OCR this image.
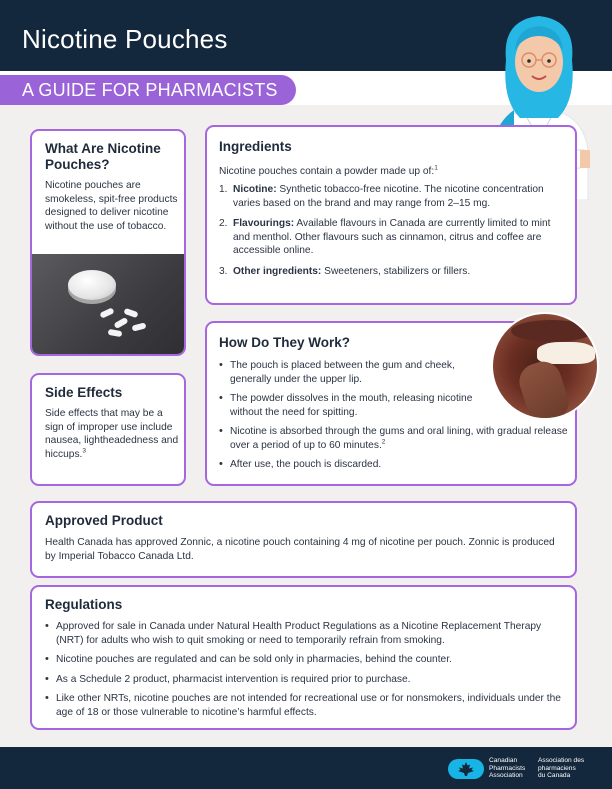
Nicotine Pouches
A GUIDE FOR PHARMACISTS
What Are Nicotine Pouches?

Nicotine pouches are smokeless, spit-free products designed to deliver nicotine without the use of tobacco.

Ingredients

Nicotine pouches contain a powder made up of:$^1$

1. Nicotine: Synthetic tobacco-free nicotine. The nicotine concentration varies based on the brand and may range from 2–15 mg.
2. Flavourings: Available flavours in Canada are currently limited to mint and menthol. Other flavours such as cinnamon, citrus and coffee are accessible online.
3. Other ingredients: Sweeteners, stabilizers or fillers.
How Do They Work?
• The pouch is placed between the gum and cheek, generally under the upper lip.
• The powder dissolves in the mouth, releasing nicotine without the need for spitting.
• Nicotine is absorbed through the gums and oral lining, with gradual release over a period of up to 60 minutes.$^2$
• After use, the pouch is discarded.
Side Effects

Side effects that may be a sign of improper use include nausea, lightheadedness and hiccups.$^3$

Approved Product

Health Canada has approved Zonnic, a nicotine pouch containing 4 mg of nicotine per pouch. Zonnic is produced by Imperial Tobacco Canada Ltd.

Regulations
• Approved for sale in Canada under Natural Health Product Regulations as a Nicotine Replacement Therapy (NRT) for adults who wish to quit smoking or need to temporarily refrain from smoking.
• Nicotine pouches are regulated and can be sold only in pharmacies, behind the counter.
• As a Schedule 2 product, pharmacist intervention is required prior to purchase.
• Like other NRTs, nicotine pouches are not intended for recreational use or for nonsmokers, individuals under the age of 18 or those vulnerable to nicotine’s harmful effects.
Canadian
Pharmacists
Association
Association des
pharmaciens
du Canada
